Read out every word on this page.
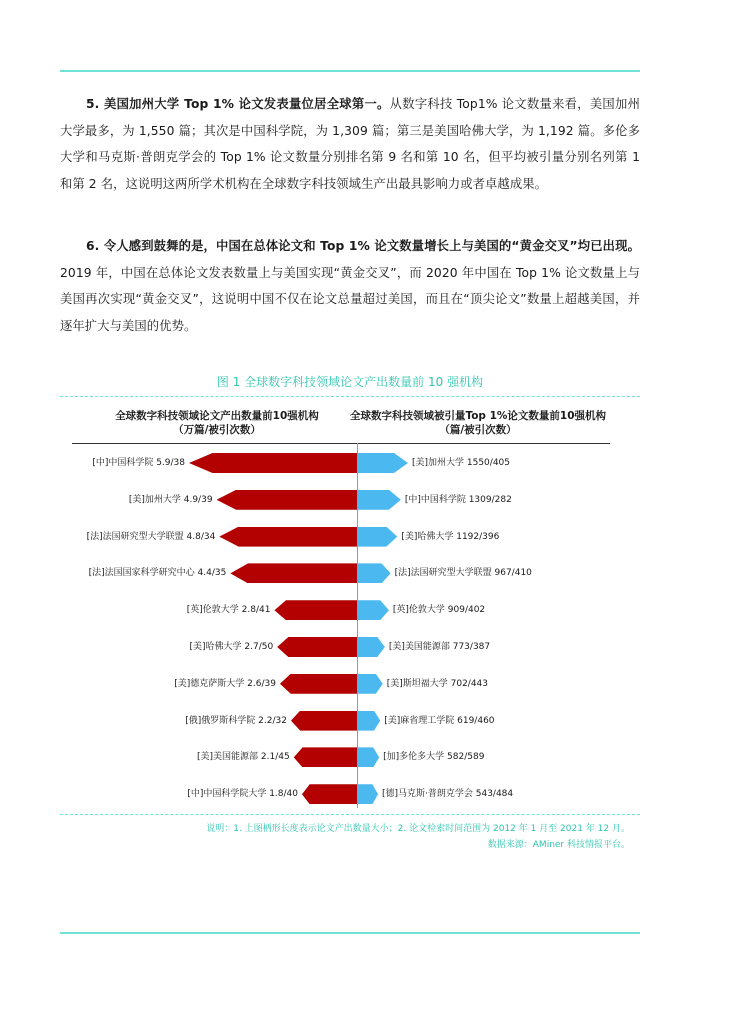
5. 美国加州大学 Top 1% 论文发表量位居全球第一。从数字科技 Top1% 论文数量来看，美国加州大学最多，为 1,550 篇；其次是中国科学院，为 1,309 篇；第三是美国哈佛大学，为 1,192 篇。多伦多大学和马克斯·普朗克学会的 Top 1% 论文数量分别排名第 9 名和第 10 名，但平均被引量分别名列第 1 和第 2 名，这说明这两所学术机构在全球数字科技领域生产出最具影响力或者卓越成果。

6. 令人感到鼓舞的是，中国在总体论文和 Top 1% 论文数量增长上与美国的“黄金交叉”均已出现。2019 年，中国在总体论文发表数量上与美国实现“黄金交叉”，而 2020 年中国在 Top 1% 论文数量上与美国再次实现“黄金交叉”，这说明中国不仅在论文总量超过美国，而且在“顶尖论文”数量上超越美国，并逐年扩大与美国的优势。

图 1 全球数字科技领域论文产出数量前 10 强机构
全球数字科技领域论文产出数量前10强机构
（万篇/被引次数）
全球数字科技领域被引量Top 1%论文数量前10强机构
（篇/被引次数）
[中]中国科学院 5.9/38
[美]加州大学 4.9/39
[法]法国研究型大学联盟 4.8/34
[法]法国国家科学研究中心 4.4/35
[英]伦敦大学 2.8/41
[美]哈佛大学 2.7/50
[美]德克萨斯大学 2.6/39
[俄]俄罗斯科学院 2.2/32
[美]美国能源部 2.1/45
[中]中国科学院大学 1.8/40
[美]加州大学 1550/405
[中]中国科学院 1309/282
[美]哈佛大学 1192/396
[法]法国研究型大学联盟 967/410
[英]伦敦大学 909/402
[美]美国能源部 773/387
[美]斯坦福大学 702/443
[美]麻省理工学院 619/460
[加]多伦多大学 582/589
[德]马克斯·普朗克学会 543/484
说明：1. 上图柄形长度表示论文产出数量大小；2. 论文检索时间范围为 2012 年 1 月至 2021 年 12 月。
数据来源：AMiner 科技情报平台。
